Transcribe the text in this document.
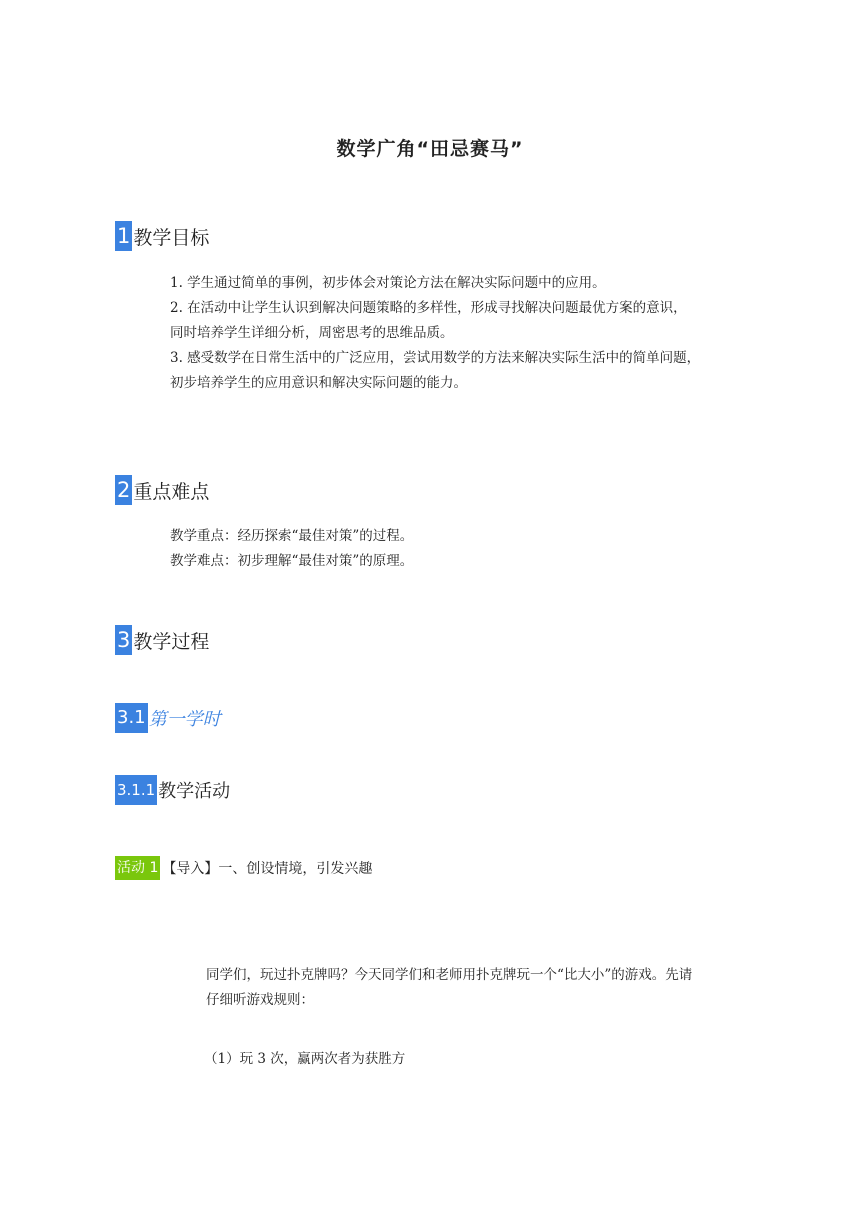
数学广角“田忌赛马”
1 教学目标

1. 学生通过简单的事例，初步体会对策论方法在解决实际问题中的应用。

2. 在活动中让学生认识到解决问题策略的多样性，形成寻找解决问题最优方案的意识，

同时培养学生详细分析，周密思考的思维品质。

3. 感受数学在日常生活中的广泛应用，尝试用数学的方法来解决实际生活中的简单问题，

初步培养学生的应用意识和解决实际问题的能力。

2 重点难点

教学重点：经历探索“最佳对策”的过程。

教学难点：初步理解“最佳对策”的原理。

3 教学过程
3.1 第一学时
3.1.1 教学活动
活动 1 【导入】一、创设情境，引发兴趣

同学们，玩过扑克牌吗？今天同学们和老师用扑克牌玩一个“比大小”的游戏。先请

仔细听游戏规则：

（1）玩 3 次，赢两次者为获胜方
